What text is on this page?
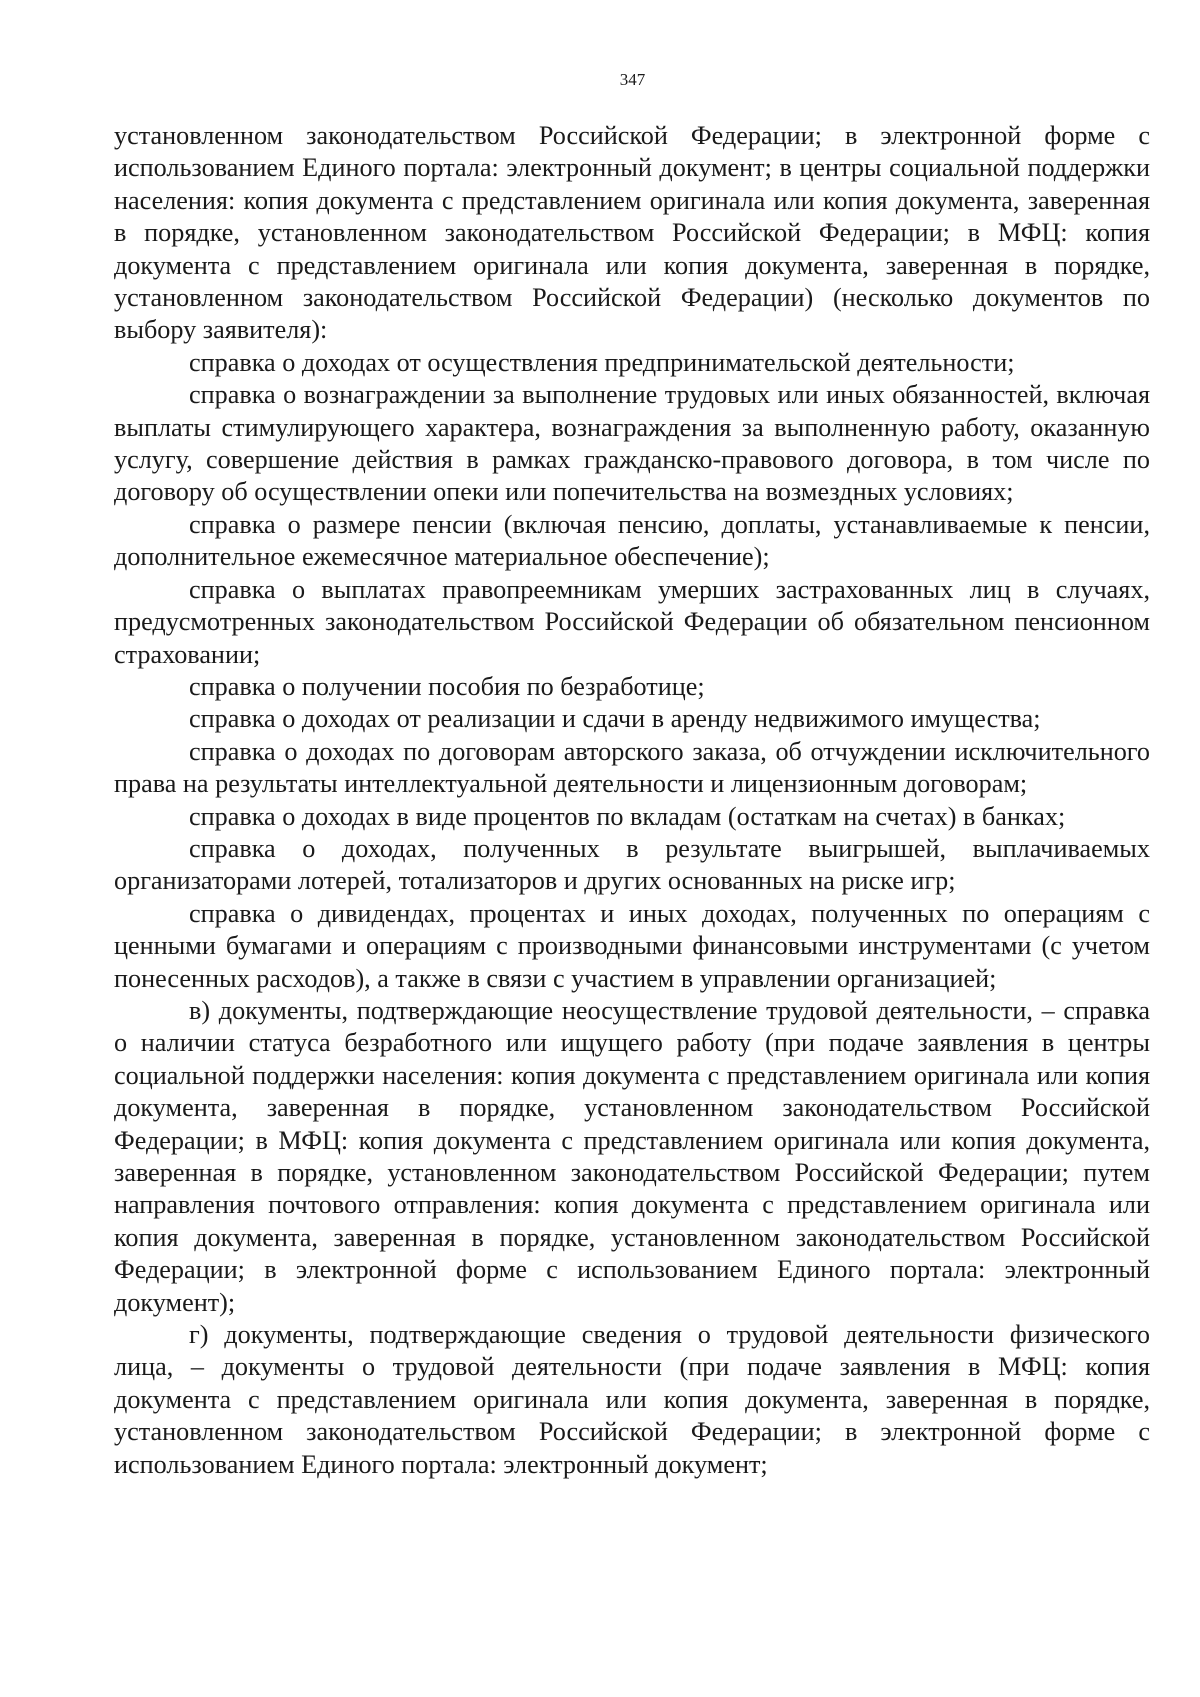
347

установленном законодательством Российской Федерации; в электронной форме с использованием Единого портала: электронный документ; в центры социальной поддержки населения: копия документа с представлением оригинала или копия документа, заверенная в порядке, установленном законодательством Российской Федерации; в МФЦ: копия документа с представлением оригинала или копия документа, заверенная в порядке, установленном законодательством Российской Федерации) (несколько документов по выбору заявителя):

справка о доходах от осуществления предпринимательской деятельности;

справка о вознаграждении за выполнение трудовых или иных обязанностей, включая выплаты стимулирующего характера, вознаграждения за выполненную работу, оказанную услугу, совершение действия в рамках гражданско-правового договора, в том числе по договору об осуществлении опеки или попечительства на возмездных условиях;

справка о размере пенсии (включая пенсию, доплаты, устанавливаемые к пенсии, дополнительное ежемесячное материальное обеспечение);

справка о выплатах правопреемникам умерших застрахованных лиц в случаях, предусмотренных законодательством Российской Федерации об обязательном пенсионном страховании;

справка о получении пособия по безработице;

справка о доходах от реализации и сдачи в аренду недвижимого имущества;

справка о доходах по договорам авторского заказа, об отчуждении исключительного права на результаты интеллектуальной деятельности и лицензионным договорам;

справка о доходах в виде процентов по вкладам (остаткам на счетах) в банках;

справка о доходах, полученных в результате выигрышей, выплачиваемых организаторами лотерей, тотализаторов и других основанных на риске игр;

справка о дивидендах, процентах и иных доходах, полученных по операциям с ценными бумагами и операциям с производными финансовыми инструментами (с учетом понесенных расходов), а также в связи с участием в управлении организацией;

в) документы, подтверждающие неосуществление трудовой деятельности, – справка о наличии статуса безработного или ищущего работу (при подаче заявления в центры социальной поддержки населения: копия документа с представлением оригинала или копия документа, заверенная в порядке, установленном законодательством Российской Федерации; в МФЦ: копия документа с представлением оригинала или копия документа, заверенная в порядке, установленном законодательством Российской Федерации; путем направления почтового отправления: копия документа с представлением оригинала или копия документа, заверенная в порядке, установленном законодательством Российской Федерации; в электронной форме с использованием Единого портала: электронный документ);

г) документы, подтверждающие сведения о трудовой деятельности физического лица, – документы о трудовой деятельности (при подаче заявления в МФЦ: копия документа с представлением оригинала или копия документа, заверенная в порядке, установленном законодательством Российской Федерации; в электронной форме с использованием Единого портала: электронный документ;
